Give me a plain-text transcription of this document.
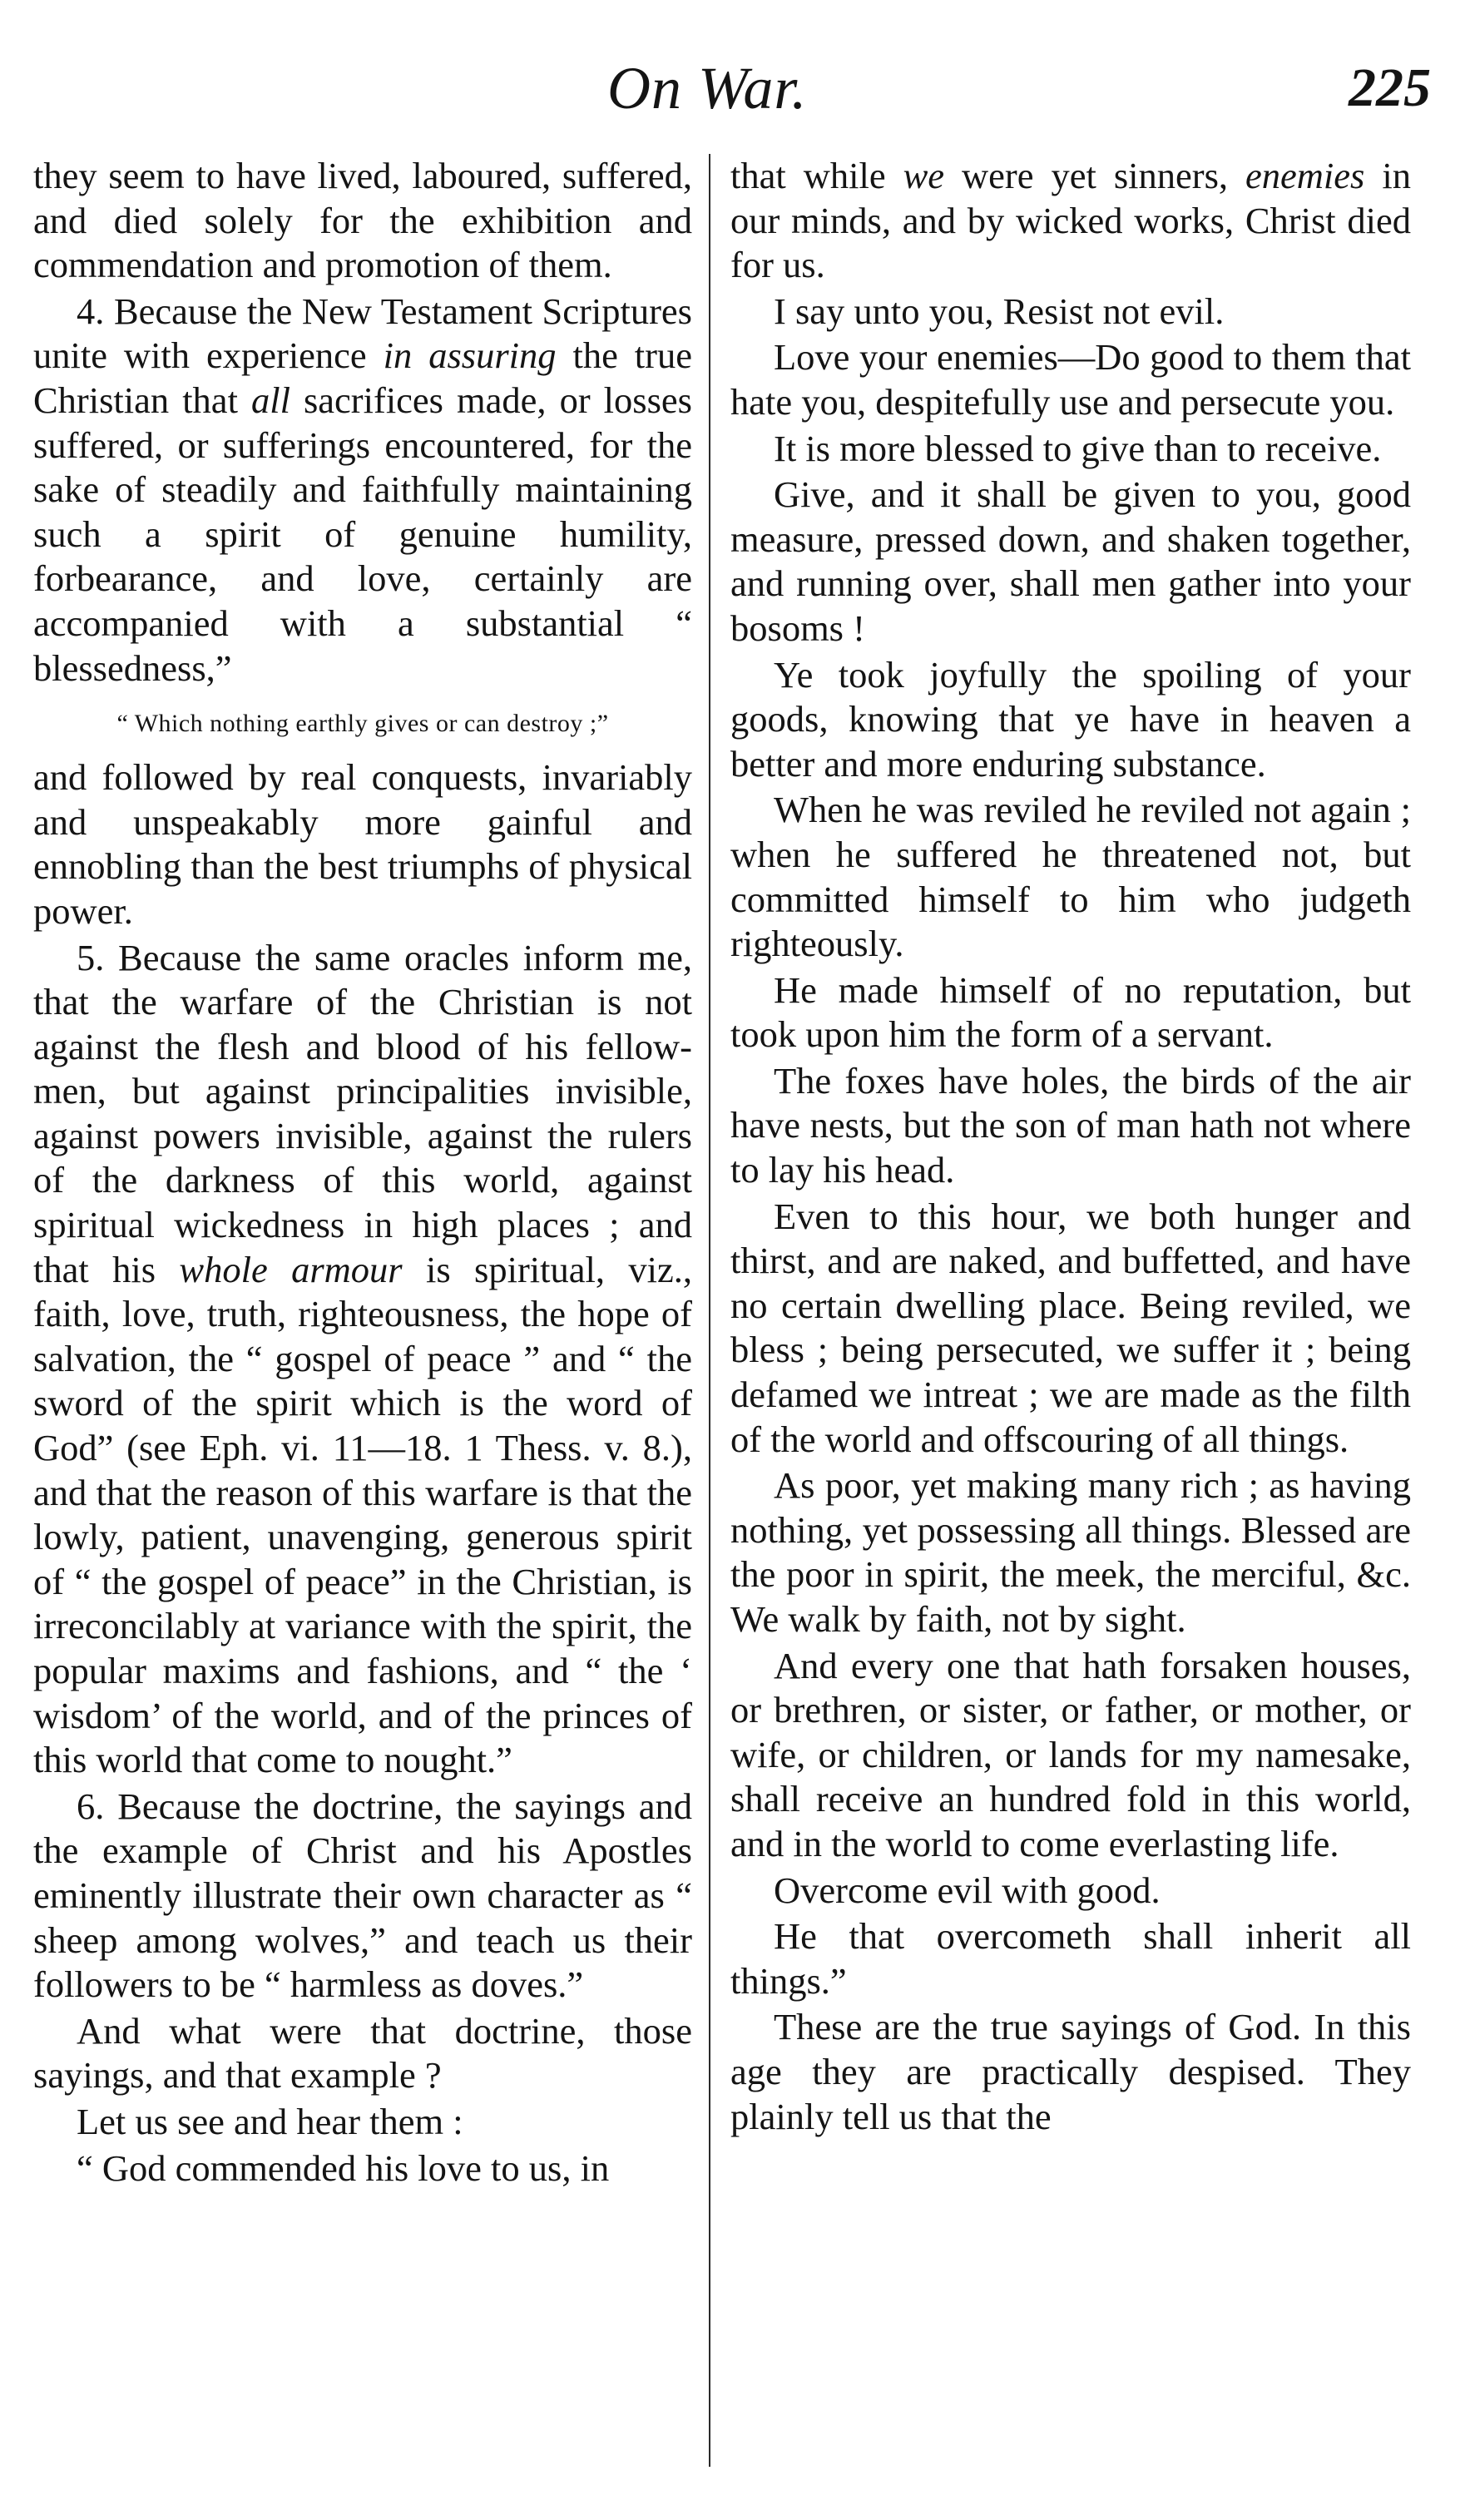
On War.	225

they seem to have lived, laboured, suffered, and died solely for the exhibition and commendation and promotion of them.

4. Because the New Testament Scriptures unite with experience in assuring the true Christian that all sacrifices made, or losses suffered, or sufferings encountered, for the sake of steadily and faithfully maintaining such a spirit of genuine humility, forbearance, and love, certainly are accompanied with a substantial “ blessedness,”

“ Which nothing earthly gives or can destroy ;”

and followed by real conquests, invariably and unspeakably more gainful and ennobling than the best triumphs of physical power.

5. Because the same oracles inform me, that the warfare of the Christian is not against the flesh and blood of his fellow-men, but against principalities invisible, against powers invisible, against the rulers of the darkness of this world, against spiritual wickedness in high places ; and that his whole armour is spiritual, viz., faith, love, truth, righteousness, the hope of salvation, the “ gospel of peace ” and “ the sword of the spirit which is the word of God” (see Eph. vi. 11—18. 1 Thess. v. 8.), and that the reason of this warfare is that the lowly, patient, unavenging, generous spirit of “ the gospel of peace” in the Christian, is irreconcilably at variance with the spirit, the popular maxims and fashions, and “ the ‘ wisdom’ of the world, and of the princes of this world that come to nought.”

6. Because the doctrine, the sayings and the example of Christ and his Apostles eminently illustrate their own character as “ sheep among wolves,” and teach us their followers to be “ harmless as doves.”

And what were that doctrine, those sayings, and that example ?

Let us see and hear them :

“ God commended his love to us, in

that while we were yet sinners, enemies in our minds, and by wicked works, Christ died for us.

I say unto you, Resist not evil.

Love your enemies—Do good to them that hate you, despitefully use and persecute you.

It is more blessed to give than to receive.

Give, and it shall be given to you, good measure, pressed down, and shaken together, and running over, shall men gather into your bosoms !

Ye took joyfully the spoiling of your goods, knowing that ye have in heaven a better and more enduring substance.

When he was reviled he reviled not again ; when he suffered he threatened not, but committed himself to him who judgeth righteously.

He made himself of no reputation, but took upon him the form of a servant.

The foxes have holes, the birds of the air have nests, but the son of man hath not where to lay his head.

Even to this hour, we both hunger and thirst, and are naked, and buffetted, and have no certain dwelling place. Being reviled, we bless ; being persecuted, we suffer it ; being defamed we intreat ; we are made as the filth of the world and offscouring of all things.

As poor, yet making many rich ; as having nothing, yet possessing all things. Blessed are the poor in spirit, the meek, the merciful, &c. We walk by faith, not by sight.

And every one that hath forsaken houses, or brethren, or sister, or father, or mother, or wife, or children, or lands for my namesake, shall receive an hundred fold in this world, and in the world to come everlasting life.

Overcome evil with good.

He that overcometh shall inherit all things.”

These are the true sayings of God. In this age they are practically despised. They plainly tell us that the
